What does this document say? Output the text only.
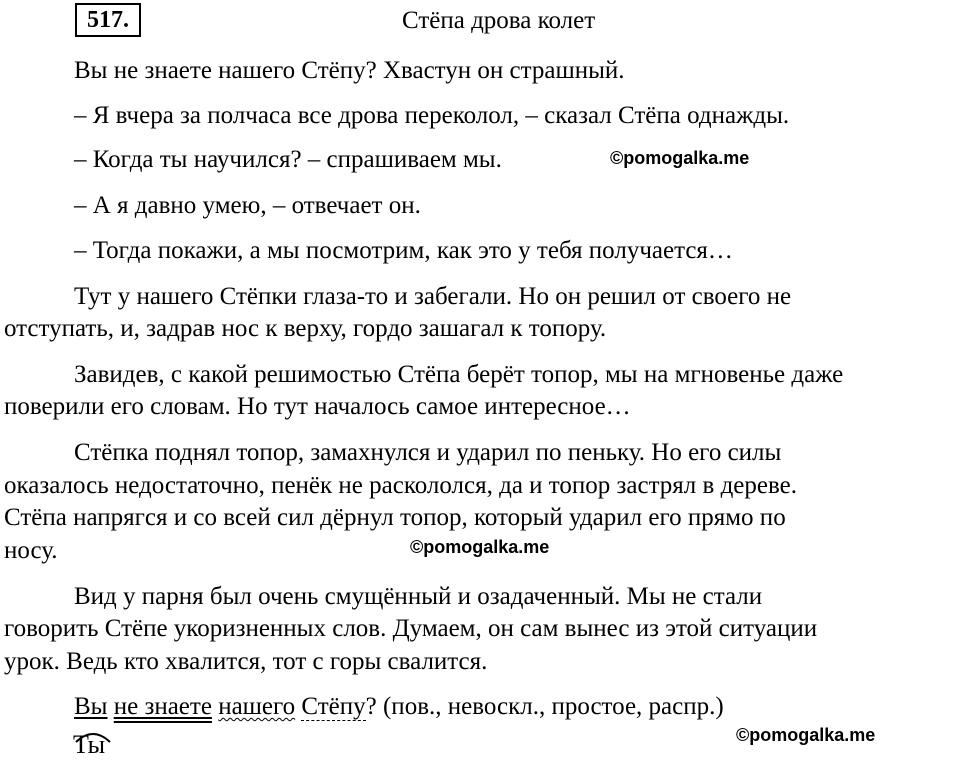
517.	Стёпа дрова колет
Вы не знаете нашего Стёпу? Хвастун он страшный.
– Я вчера за полчаса все дрова переколол, – сказал Стёпа однажды.
– Когда ты научился? – спрашиваем мы.
– А я давно умею, – отвечает он.
– Тогда покажи, а мы посмотрим, как это у тебя получается…
Тут у нашего Стёпки глаза-то и забегали. Но он решил от своего не
отступать, и, задрав нос к верху, гордо зашагал к топору.
Завидев, с какой решимостью Стёпа берёт топор, мы на мгновенье даже
поверили его словам. Но тут началось самое интересное…
Стёпка поднял топор, замахнулся и ударил по пеньку. Но его силы
оказалось недостаточно, пенёк не раскололся, да и топор застрял в дереве.
Стёпа напрягся и со всей сил дёрнул топор, который ударил его прямо по
носу.
Вид у парня был очень смущённый и озадаченный. Мы не стали
говорить Стёпе укоризненных слов. Думаем, он сам вынес из этой ситуации
урок. Ведь кто хвалится, тот с горы свалится.
Вы не знаете нашего Стёпу? (пов., невоскл., простое, распр.)
Ты
©pomogalka.me
©pomogalka.me
©pomogalka.me
